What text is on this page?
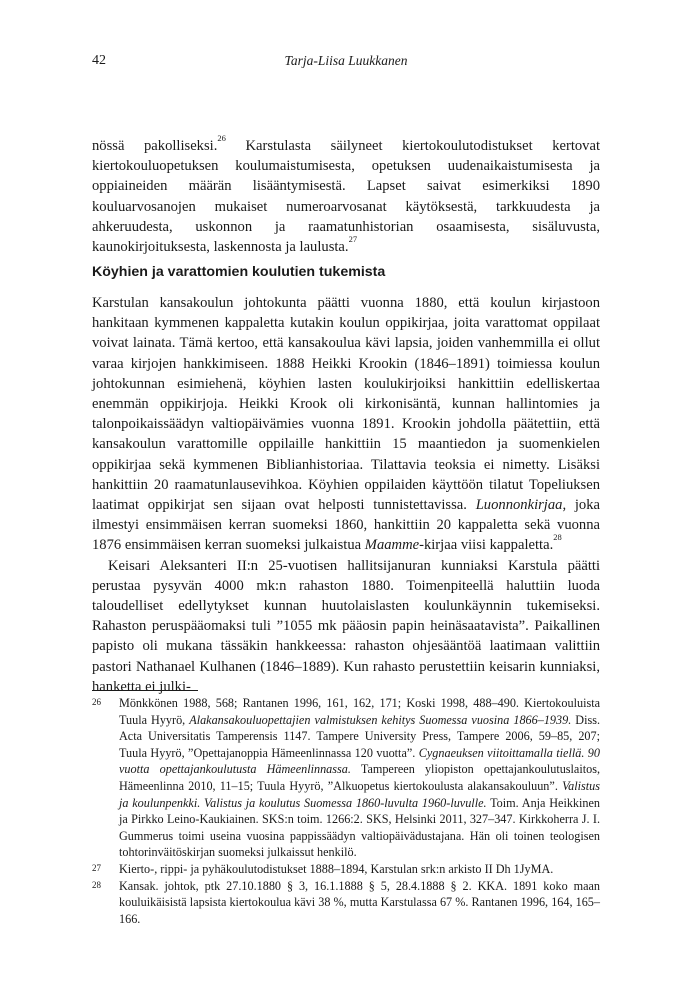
42	Tarja-Liisa Luukkanen

nössä pakolliseksi.$^{26}$ Karstulasta säilyneet kiertokoulutodistukset kertovat kiertokouluopetuksen koulumaistumisesta, opetuksen uudenaikaistumisesta ja oppiaineiden määrän lisääntymisestä. Lapset saivat esimerkiksi 1890 kouluarvosanojen mukaiset numeroarvosanat käytöksestä, tarkkuudesta ja ahkeruudesta, uskonnon ja raamatunhistorian osaamisesta, sisäluvusta, kaunokirjoituksesta, laskennosta ja laulusta.$^{27}$

Köyhien ja varattomien koulutien tukemista

Karstulan kansakoulun johtokunta päätti vuonna 1880, että koulun kirjastoon hankitaan kymmenen kappaletta kutakin koulun oppikirjaa, joita varattomat oppilaat voivat lainata. Tämä kertoo, että kansakoulua kävi lapsia, joiden vanhemmilla ei ollut varaa kirjojen hankkimiseen. 1888 Heikki Krookin (1846–1891) toimiessa koulun johtokunnan esimiehenä, köyhien lasten koulukirjoiksi hankittiin edelliskertaa enemmän oppikirjoja. Heikki Krook oli kirkonisäntä, kunnan hallintomies ja talonpoikaissäädyn valtiopäivämies vuonna 1891. Krookin johdolla päätettiin, että kansakoulun varattomille oppilaille hankittiin 15 maantiedon ja suomenkielen oppikirjaa sekä kymmenen Biblianhistoriaa. Tilattavia teoksia ei nimetty. Lisäksi hankittiin 20 raamatunlausevihkoa. Köyhien oppilaiden käyttöön tilatut Topeliuksen laatimat oppikirjat sen sijaan ovat helposti tunnistettavissa. Luonnonkirjaa, joka ilmestyi ensimmäisen kerran suomeksi 1860, hankittiin 20 kappaletta sekä vuonna 1876 ensimmäisen kerran suomeksi julkaistua Maamme-kirjaa viisi kappaletta.$^{28}$

Keisari Aleksanteri II:n 25-vuotisen hallitsijanuran kunniaksi Karstula päätti perustaa pysyvän 4000 mk:n rahaston 1880. Toimenpiteellä haluttiin luoda taloudelliset edellytykset kunnan huutolaislasten koulunkäynnin tukemiseksi. Rahaston peruspääomaksi tuli ”1055 mk pääosin papin heinäsaatavista”. Paikallinen papisto oli mukana tässäkin hankkeessa: rahaston ohjesääntöä laatimaan valittiin pastori Nathanael Kulhanen (1846–1889). Kun rahasto perustettiin keisarin kunniaksi, hanketta ei julki-

26 Mönkkönen 1988, 568; Rantanen 1996, 161, 162, 171; Koski 1998, 488–490. Kiertokouluista Tuula Hyyrö, Alakansakouluopettajien valmistuksen kehitys Suomessa vuosina 1866–1939. Diss. Acta Universitatis Tamperensis 1147. Tampere University Press, Tampere 2006, 59–85, 207; Tuula Hyyrö, ”Opettajanoppia Hämeenlinnassa 120 vuotta”. Cygnaeuksen viitoittamalla tiellä. 90 vuotta opettajankoulutusta Hämeenlinnassa. Tampereen yliopiston opettajankoulutuslaitos, Hämeenlinna 2010, 11–15; Tuula Hyyrö, ”Alkuopetus kiertokoulusta alakansakouluun”. Valistus ja koulunpenkki. Valistus ja koulutus Suomessa 1860-luvulta 1960-luvulle. Toim. Anja Heikkinen ja Pirkko Leino-Kaukiainen. SKS:n toim. 1266:2. SKS, Helsinki 2011, 327–347. Kirkkoherra J. I. Gummerus toimi useina vuosina pappissäädyn valtiopäivädustajana. Hän oli toinen teologisen tohtorinväitöskirjan suomeksi julkaissut henkilö.

27 Kierto-, rippi- ja pyhäkoulutodistukset 1888–1894, Karstulan srk:n arkisto II Dh 1JyMA.

28 Kansak. johtok, ptk 27.10.1880 § 3, 16.1.1888 § 5, 28.4.1888 § 2. KKA. 1891 koko maan kouluikäisistä lapsista kiertokoulua kävi 38 %, mutta Karstulassa 67 %. Rantanen 1996, 164, 165–166.
